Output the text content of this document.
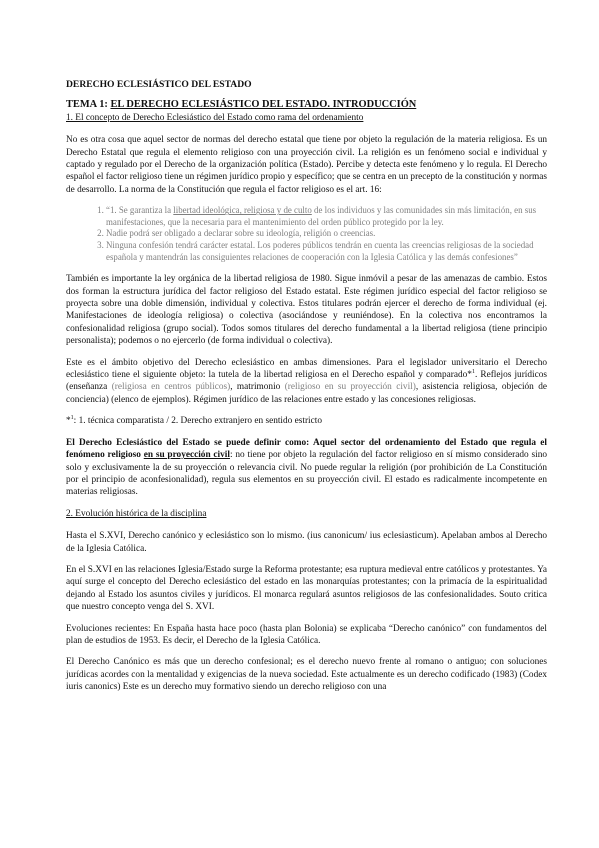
DERECHO ECLESIÁSTICO DEL ESTADO
TEMA 1: EL DERECHO ECLESIÁSTICO DEL ESTADO. INTRODUCCIÓN
1. El concepto de Derecho Eclesiástico del Estado como rama del ordenamiento

No es otra cosa que aquel sector de normas del derecho estatal que tiene por objeto la regulación de la materia religiosa. Es un Derecho Estatal que regula el elemento religioso con una proyección civil. La religión es un fenómeno social e individual y captado y regulado por el Derecho de la organización política (Estado). Percibe y detecta este fenómeno y lo regula. El Derecho español el factor religioso tiene un régimen jurídico propio y específico; que se centra en un precepto de la constitución y normas de desarrollo. La norma de la Constitución que regula el factor religioso es el art. 16:

1. “1. Se garantiza la libertad ideológica, religiosa y de culto de los individuos y las comunidades sin más limitación, en sus manifestaciones, que la necesaria para el mantenimiento del orden público protegido por la ley.
2. Nadie podrá ser obligado a declarar sobre su ideología, religión o creencias.
3. Ninguna confesión tendrá carácter estatal. Los poderes públicos tendrán en cuenta las creencias religiosas de la sociedad española y mantendrán las consiguientes relaciones de cooperación con la Iglesia Católica y las demás confesiones”

También es importante la ley orgánica de la libertad religiosa de 1980. Sigue inmóvil a pesar de las amenazas de cambio. Estos dos forman la estructura jurídica del factor religioso del Estado estatal. Este régimen jurídico especial del factor religioso se proyecta sobre una doble dimensión, individual y colectiva. Estos titulares podrán ejercer el derecho de forma individual (ej. Manifestaciones de ideología religiosa) o colectiva (asociándose y reuniéndose). En la colectiva nos encontramos la confesionalidad religiosa (grupo social). Todos somos titulares del derecho fundamental a la libertad religiosa (tiene principio personalista); podemos o no ejercerlo (de forma individual o colectiva).

Este es el ámbito objetivo del Derecho eclesiástico en ambas dimensiones. Para el legislador universitario el Derecho eclesiástico tiene el siguiente objeto: la tutela de la libertad religiosa en el Derecho español y comparado*$^1$. Reflejos jurídicos (enseñanza (religiosa en centros públicos), matrimonio (religioso en su proyección civil), asistencia religiosa, objeción de conciencia) (elenco de ejemplos). Régimen jurídico de las relaciones entre estado y las concesiones religiosas.

*$^1$: 1. técnica comparatista / 2. Derecho extranjero en sentido estricto

El Derecho Eclesiástico del Estado se puede definir como: Aquel sector del ordenamiento del Estado que regula el fenómeno religioso en su proyección civil: no tiene por objeto la regulación del factor religioso en sí mismo considerado sino solo y exclusivamente la de su proyección o relevancia civil. No puede regular la religión (por prohibición de La Constitución por el principio de aconfesionalidad), regula sus elementos en su proyección civil. El estado es radicalmente incompetente en materias religiosas.

2. Evolución histórica de la disciplina

Hasta el S.XVI, Derecho canónico y eclesiástico son lo mismo. (ius canonicum/ ius eclesiasticum). Apelaban ambos al Derecho de la Iglesia Católica.

En el S.XVI en las relaciones Iglesia/Estado surge la Reforma protestante; esa ruptura medieval entre católicos y protestantes. Ya aquí surge el concepto del Derecho eclesiástico del estado en las monarquías protestantes; con la primacía de la espiritualidad dejando al Estado los asuntos civiles y jurídicos. El monarca regulará asuntos religiosos de las confesionalidades. Souto critica que nuestro concepto venga del S. XVI.

Evoluciones recientes: En España hasta hace poco (hasta plan Bolonia) se explicaba “Derecho canónico” con fundamentos del plan de estudios de 1953. Es decir, el Derecho de la Iglesia Católica.

El Derecho Canónico es más que un derecho confesional; es el derecho nuevo frente al romano o antiguo; con soluciones jurídicas acordes con la mentalidad y exigencias de la nueva sociedad. Este actualmente es un derecho codificado (1983) (Codex iuris canonics) Este es un derecho muy formativo siendo un derecho religioso con una
